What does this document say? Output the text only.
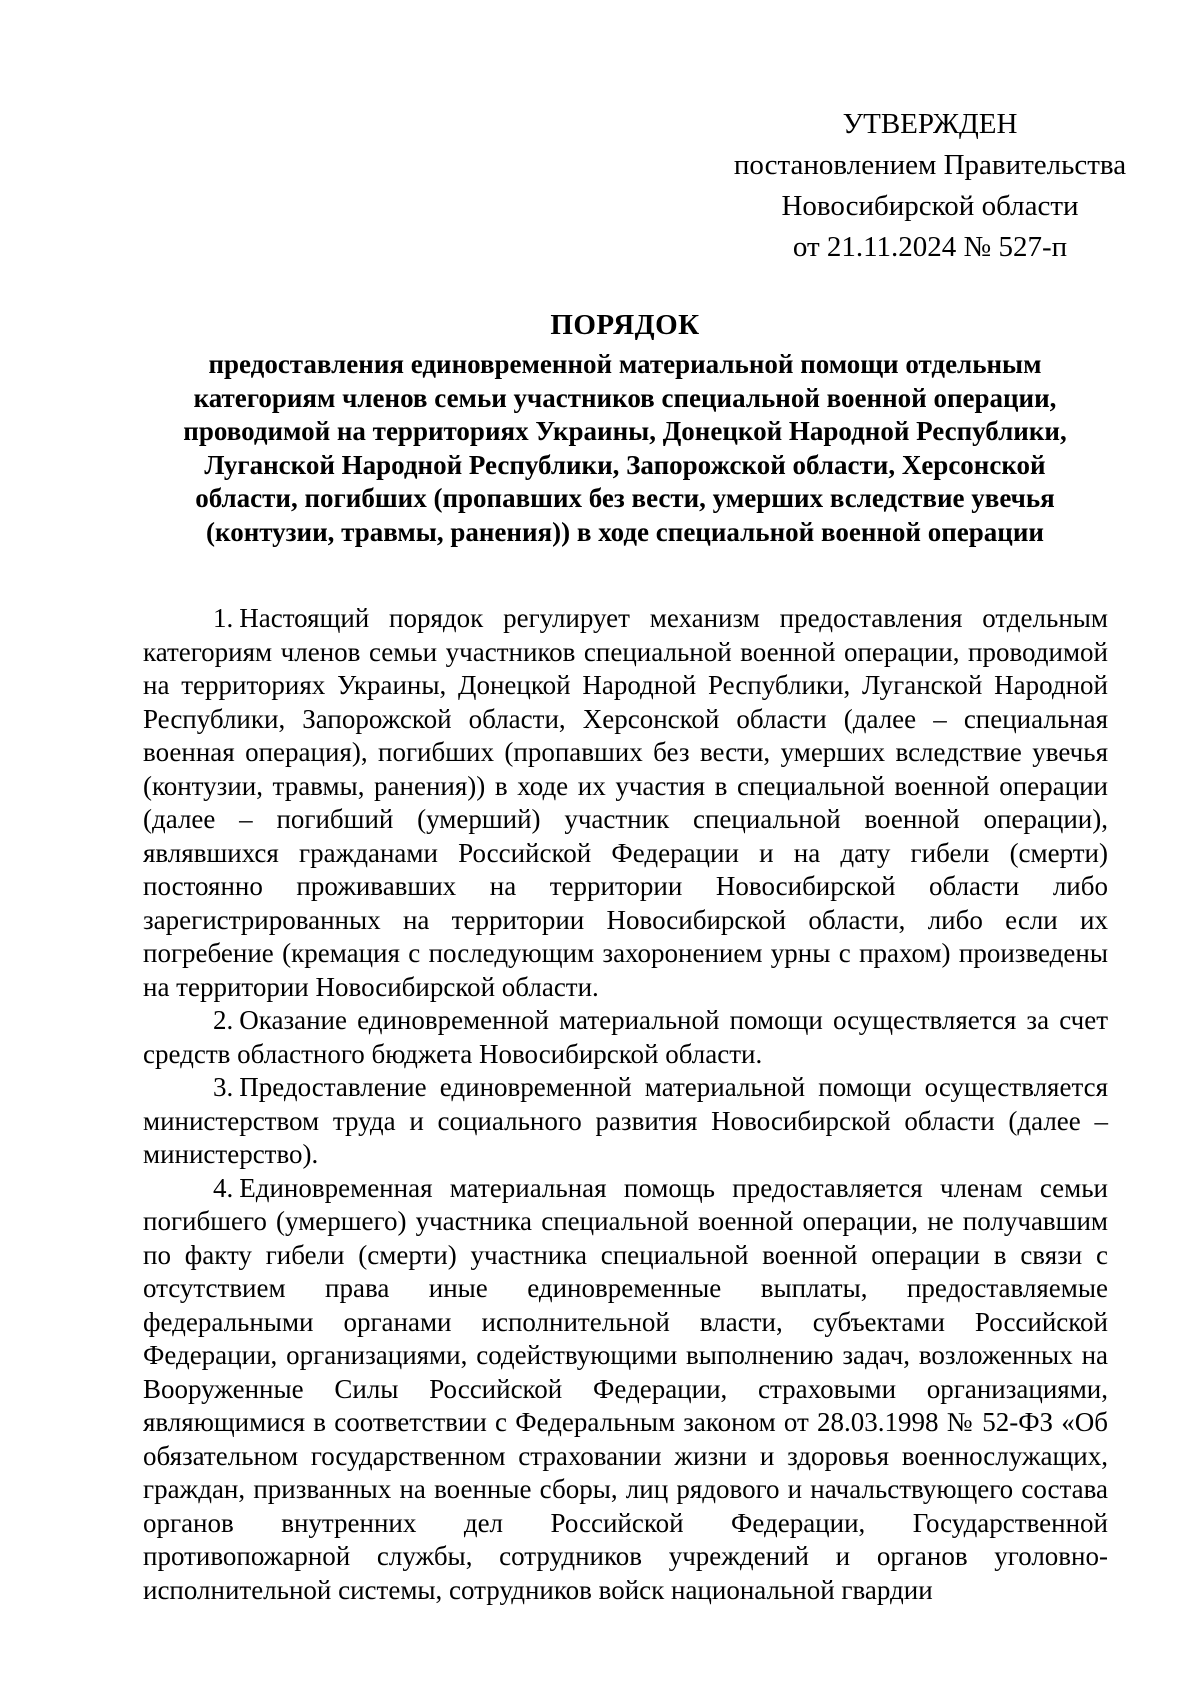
УТВЕРЖДЕН
постановлением Правительства
Новосибирской области
от 21.11.2024 № 527-п
ПОРЯДОК
предоставления единовременной материальной помощи отдельным
категориям членов семьи участников специальной военной операции,
проводимой на территориях Украины, Донецкой Народной Республики,
Луганской Народной Республики, Запорожской области, Херсонской
области, погибших (пропавших без вести, умерших вследствие увечья
(контузии, травмы, ранения)) в ходе специальной военной операции

1. Настоящий порядок регулирует механизм предоставления отдельным категориям членов семьи участников специальной военной операции, проводимой на территориях Украины, Донецкой Народной Республики, Луганской Народной Республики, Запорожской области, Херсонской области (далее – специальная военная операция), погибших (пропавших без вести, умерших вследствие увечья (контузии, травмы, ранения)) в ходе их участия в специальной военной операции (далее – погибший (умерший) участник специальной военной операции), являвшихся гражданами Российской Федерации и на дату гибели (смерти) постоянно проживавших на территории Новосибирской области либо зарегистрированных на территории Новосибирской области, либо если их погребение (кремация с последующим захоронением урны с прахом) произведены на территории Новосибирской области.

2. Оказание единовременной материальной помощи осуществляется за счет средств областного бюджета Новосибирской области.

3. Предоставление единовременной материальной помощи осуществляется министерством труда и социального развития Новосибирской области (далее – министерство).

4. Единовременная материальная помощь предоставляется членам семьи погибшего (умершего) участника специальной военной операции, не получавшим по факту гибели (смерти) участника специальной военной операции в связи с отсутствием права иные единовременные выплаты, предоставляемые федеральными органами исполнительной власти, субъектами Российской Федерации, организациями, содействующими выполнению задач, возложенных на Вооруженные Силы Российской Федерации, страховыми организациями, являющимися в соответствии с Федеральным законом от 28.03.1998 № 52-ФЗ «Об обязательном государственном страховании жизни и здоровья военнослужащих, граждан, призванных на военные сборы, лиц рядового и начальствующего состава органов внутренних дел Российской Федерации, Государственной противопожарной службы, сотрудников учреждений и органов уголовно-исполнительной системы, сотрудников войск национальной гвардии
